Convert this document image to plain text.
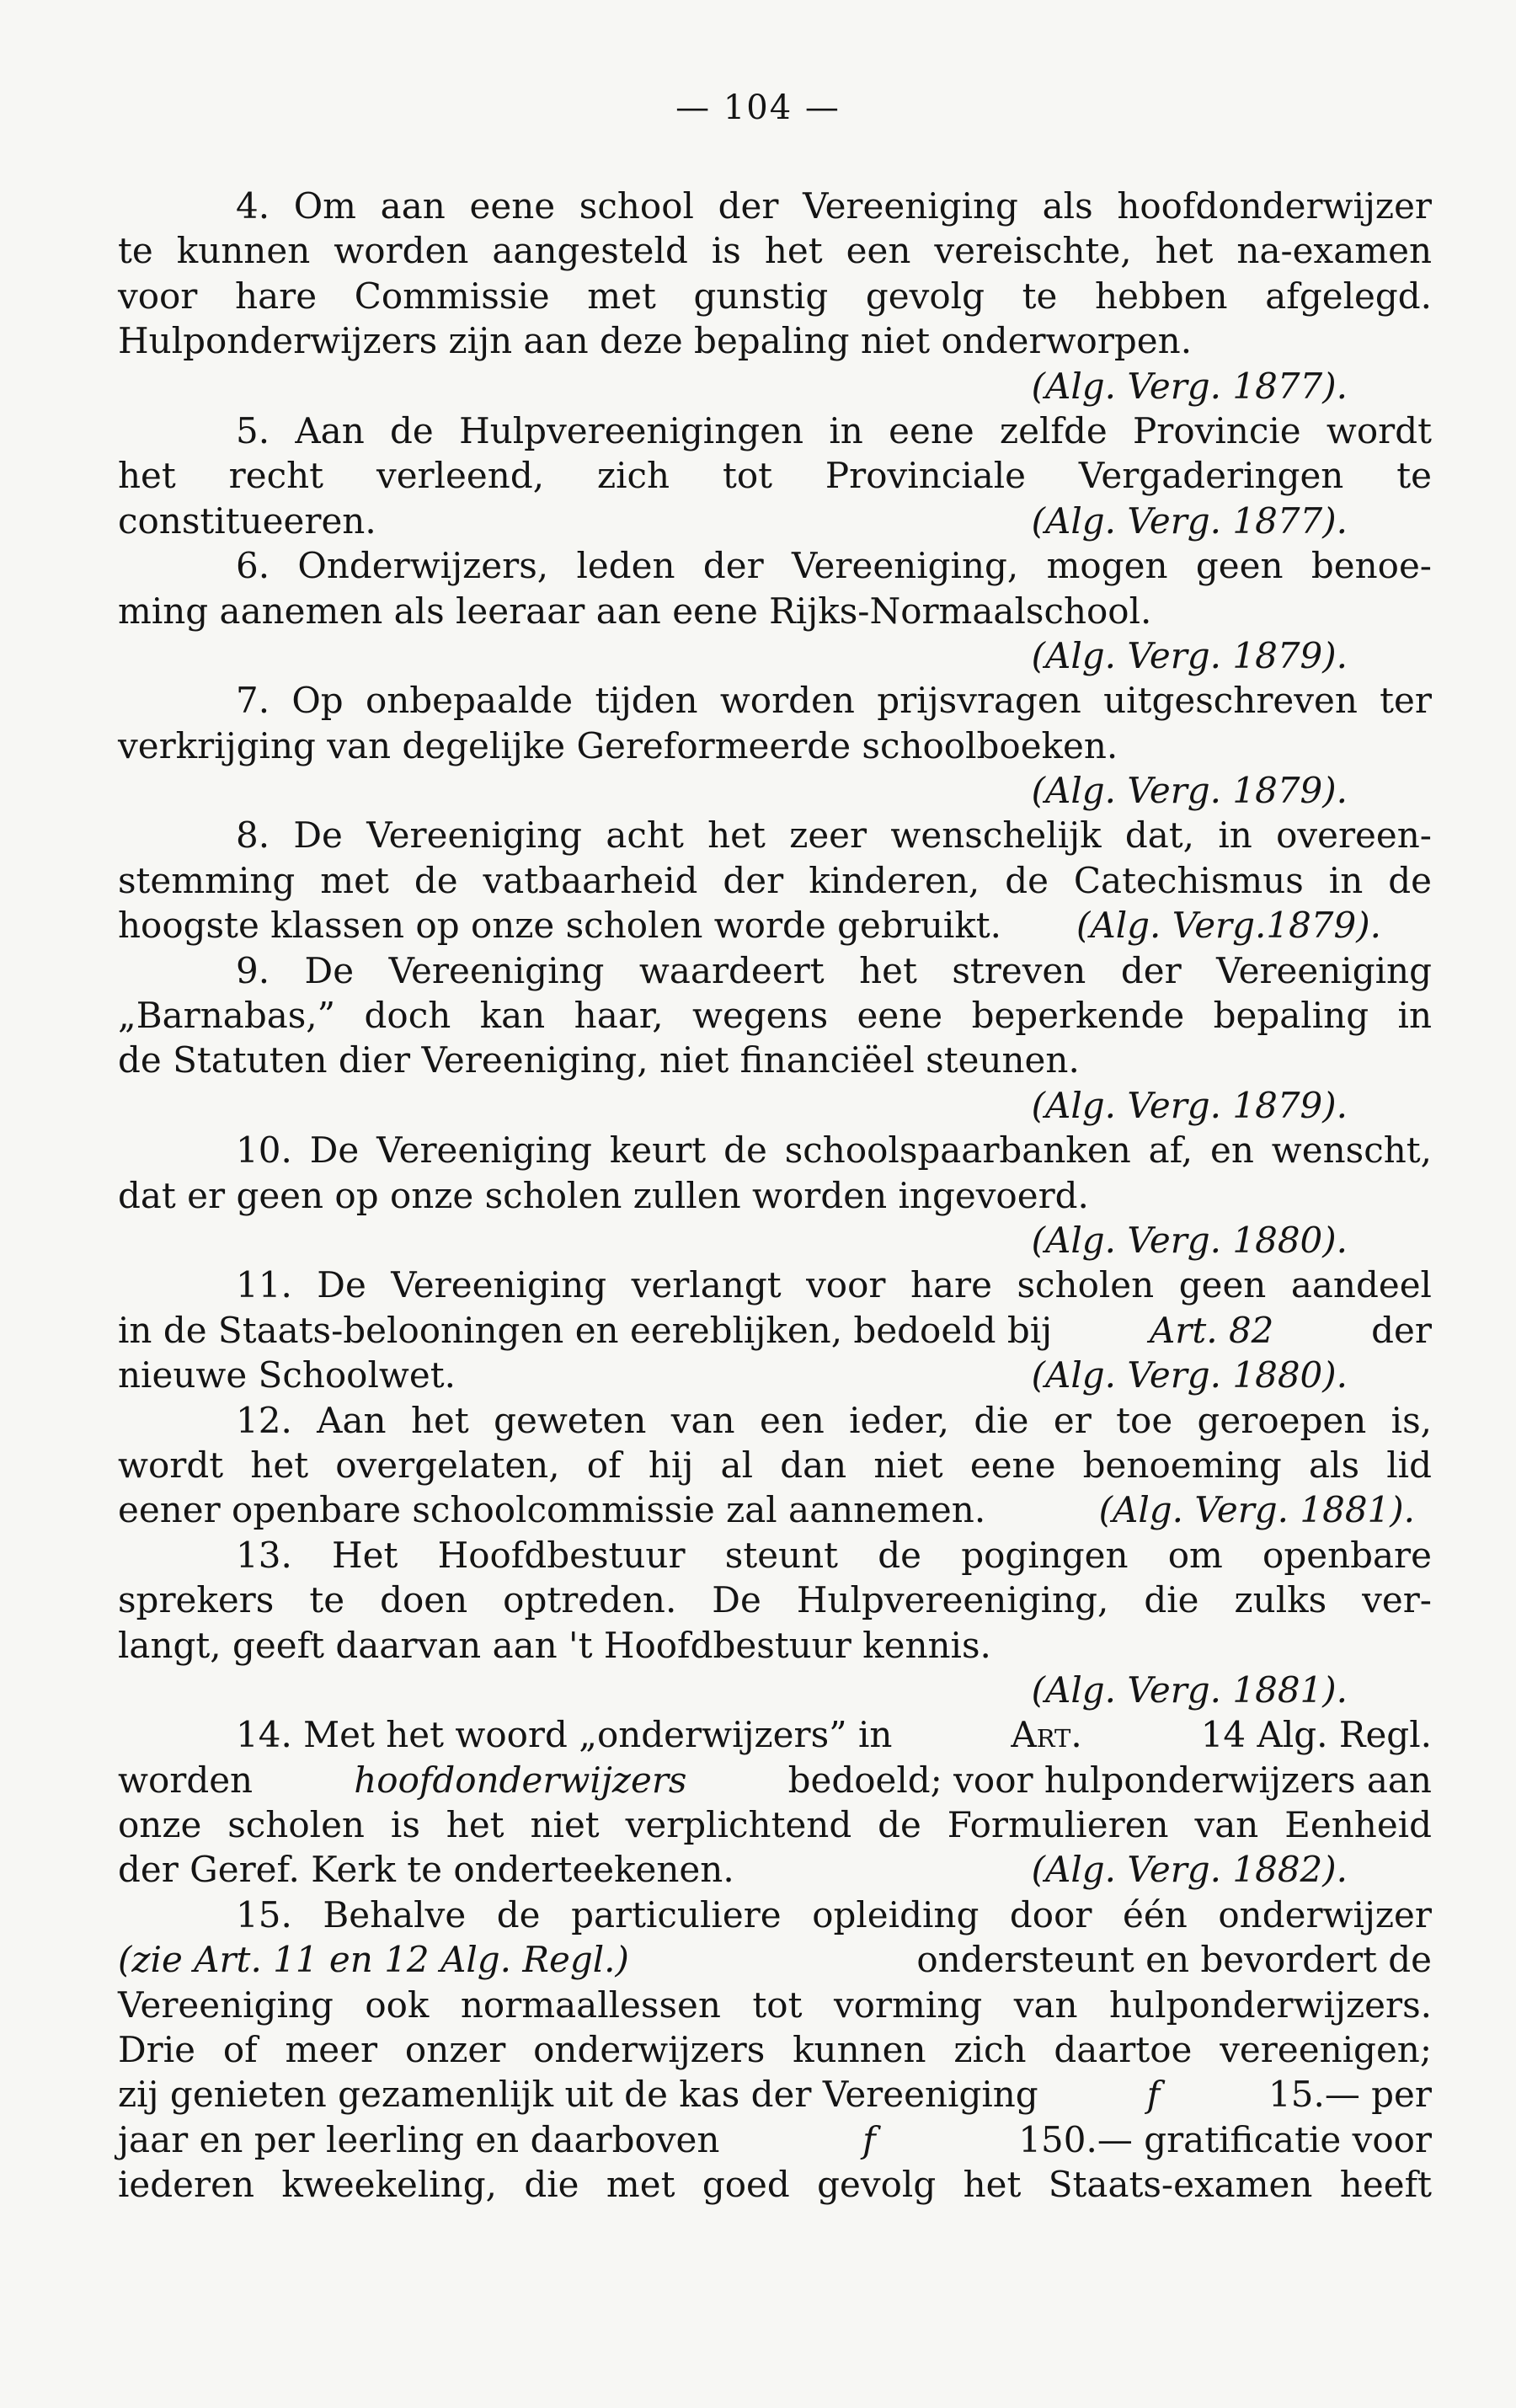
— 104 —
4. Om aan eene school der Vereeniging als hoofdonderwijzer
te kunnen worden aangesteld is het een vereischte, het na-examen
voor hare Commissie met gunstig gevolg te hebben afgelegd.
Hulponderwijzers zijn aan deze bepaling niet onderworpen.
(Alg. Verg. 1877).
5. Aan de Hulpvereenigingen in eene zelfde Provincie wordt
het recht verleend, zich tot Provinciale Vergaderingen te
constitueeren.	(Alg. Verg. 1877).
6. Onderwijzers, leden der Vereeniging, mogen geen benoe-
ming aanemen als leeraar aan eene Rijks-Normaalschool.
(Alg. Verg. 1879).
7. Op onbepaalde tijden worden prijsvragen uitgeschreven ter
verkrijging van degelijke Gereformeerde schoolboeken.
(Alg. Verg. 1879).
8. De Vereeniging acht het zeer wenschelijk dat, in overeen-
stemming met de vatbaarheid der kinderen, de Catechismus in de
hoogste klassen op onze scholen worde gebruikt. (Alg. Verg.1879).
9. De Vereeniging waardeert het streven der Vereeniging
„Barnabas,” doch kan haar, wegens eene beperkende bepaling in
de Statuten dier Vereeniging, niet financiëel steunen.
(Alg. Verg. 1879).
10. De Vereeniging keurt de schoolspaarbanken af, en wenscht,
dat er geen op onze scholen zullen worden ingevoerd.
(Alg. Verg. 1880).
11. De Vereeniging verlangt voor hare scholen geen aandeel
in de Staats-belooningen en eereblijken, bedoeld bij	Art. 82	der
nieuwe Schoolwet.	(Alg. Verg. 1880).
12. Aan het geweten van een ieder, die er toe geroepen is,
wordt het overgelaten, of hij al dan niet eene benoeming als lid
eener openbare schoolcommissie zal aannemen.	(Alg. Verg. 1881).
13. Het Hoofdbestuur steunt de pogingen om openbare
sprekers te doen optreden. De Hulpvereeniging, die zulks ver-
langt, geeft daarvan aan 't Hoofdbestuur kennis.
(Alg. Verg. 1881).
14. Met het woord „onderwijzers” in	Art.	14 Alg. Regl.
worden	hoofdonderwijzers	bedoeld; voor hulponderwijzers aan
onze scholen is het niet verplichtend de Formulieren van Eenheid
der Geref. Kerk te onderteekenen.	(Alg. Verg. 1882).
15. Behalve de particuliere opleiding door één onderwijzer
(zie Art. 11 en 12 Alg. Regl.)	ondersteunt en bevordert de
Vereeniging ook normaallessen tot vorming van hulponderwijzers.
Drie of meer onzer onderwijzers kunnen zich daartoe vereenigen;
zij genieten gezamenlijk uit de kas der Vereeniging	f	15.— per
jaar en per leerling en daarboven	f	150.— gratificatie voor
iederen kweekeling, die met goed gevolg het Staats-examen heeft
